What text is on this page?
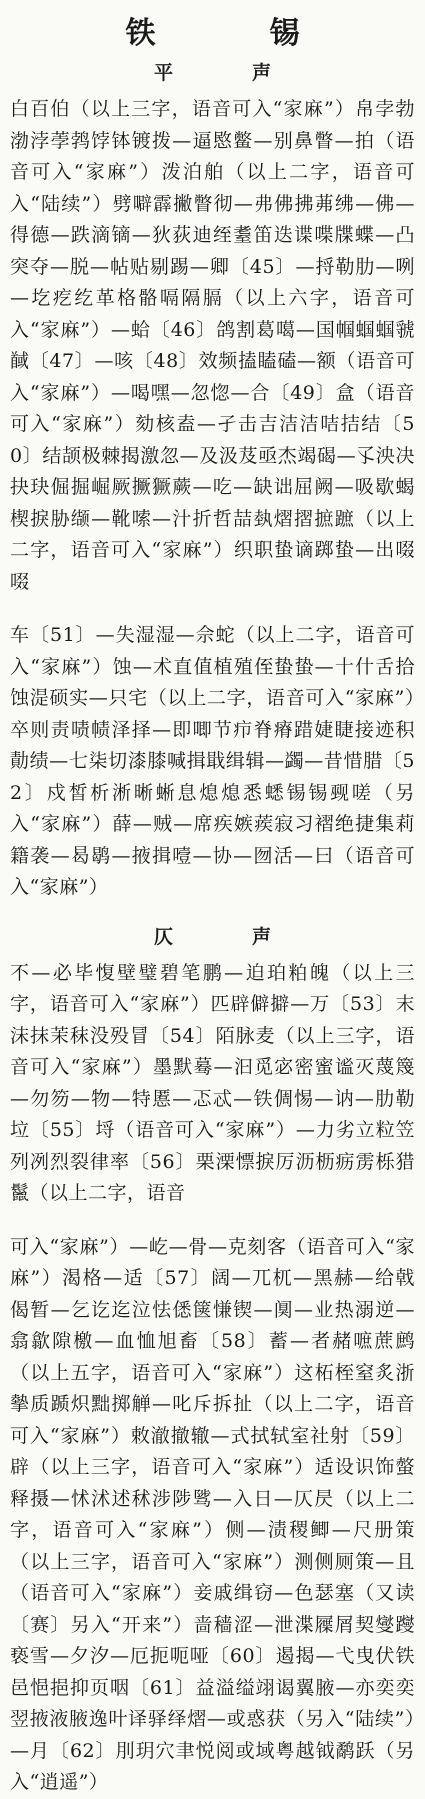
铁　锡
平　声

白百伯（以上三字，语音可入“家麻”）帛孛勃渤浡荸鹁饽钵镀拨—逼愍鳖—别鼻瞥—拍（语音可入“家麻”）泼泊舶（以上二字，语音可入“陆续”）劈噼霹撇瞥彻—弗佛拂茀绋—佛—得德—跌滴镝—狄荻迪绖耋笛迭谍喋牒蝶—凸突夺—脱—帖贴剔踢—卿〔45〕—捋勒肋—咧—圪疙纥革格骼嗝隔膈（以上六字，语音可入“家麻”）—蛤〔46〕鸽割葛噶—国帼蝈蝈虢馘〔47〕—咳〔48〕效频搕瞌磕—额（语音可入“家麻”）—喝嘿—忽惚—合〔49〕盒（语音可入“家麻”）劾核盍—孑击吉洁洁咭拮结〔50〕结颉极棘揭激忽—及汲芨亟杰竭碣—孓泱决抉玦倔掘崛厥撅獗蕨—吃—缺诎屈阙—吸歇蝎楔捩胁缬—靴嗦—汁折哲喆埶熠摺摭蹠（以上二字，语音可入“家麻”）织职蛰谪踯蛰—出啜啜

车〔51〕—失湿湿—佘蛇（以上二字，语音可入“家麻”）蚀—术直值植殖侄蛰蛰—十什舌拾蚀湜硕实—只宅（以上二字，语音可入“家麻”）卒则责啧帻泽择—即唧节疖脊瘠踖婕睫接迹积勣绩—七柒切漆膝喊揖戢缉辑—蠲—昔惜腊〔52〕戍皙析淅晰蜥息熄熄悉蟋锡锡觋嗟（另入“家麻”）薛—贼—席疾嫉蒺寂习褶绝捷集莉籍袭—曷鹖—掖揖噎—协—囫活—曰（语音可入“家麻”）

仄　声

不—必毕愎壁璧碧笔鹏—迫珀粕魄（以上三字，语音可入“家麻”）匹辟僻擗—万〔53〕末沫抹茉秣没殁冒〔54〕陌脉麦（以上三字，语音可入“家麻”）墨默蓦—汩觅宓密蜜谧灭蔑篾—勿笏—物—特慝—忑忒—铁倜惕—讷—肋勒垃〔55〕埒（语音可入“家麻”）—力劣立粒笠列冽烈裂律率〔56〕栗溧慓捩厉沥枥疬雳栎猎鬣（以上二字，语音

可入“家麻”）—屹—骨—克刻客（语音可入“家麻”）渴格—适〔57〕阔—兀杌—黑赫—给戟偈暂—乞讫迄泣怯僁箧慊锲—阒—业热溺逆—翕歙隙檄—血恤旭畜〔58〕蓄—者赭嗻蔗鹧（以上五字，语音可入“家麻”）这柘桎窒炙浙摰质踬炽黜掷觯—叱斥拆扯（以上二字，语音可入“家麻”）敕澈撤辙—式拭轼室社射〔59〕辟（以上三字，语音可入“家麻”）适设识饰螫释摄—怵沭述秫涉陟骘—入日—仄昃（以上二字，语音可入“家麻”）侧—渍稷鲫—尺册策（以上三字，语音可入“家麻”）测侧厕策—且（语音可入“家麻”）妾戚缉窃—色瑟塞（又读〔赛〕另入“开来”）啬穑涩—泄渫屧屑契燮躞亵雪—夕汐—厄扼呃哑〔60〕遏揭—弋曳伏铁邑悒挹抑页咽〔61〕益溢缢翊谒翼腋—亦奕奕翌掖液腋逸叶译驿绎熠—或惑获（另入“陆续”）—月〔62〕刖玥穴聿悦阅或域粤越钺鹬跃（另入“逍遥”）
